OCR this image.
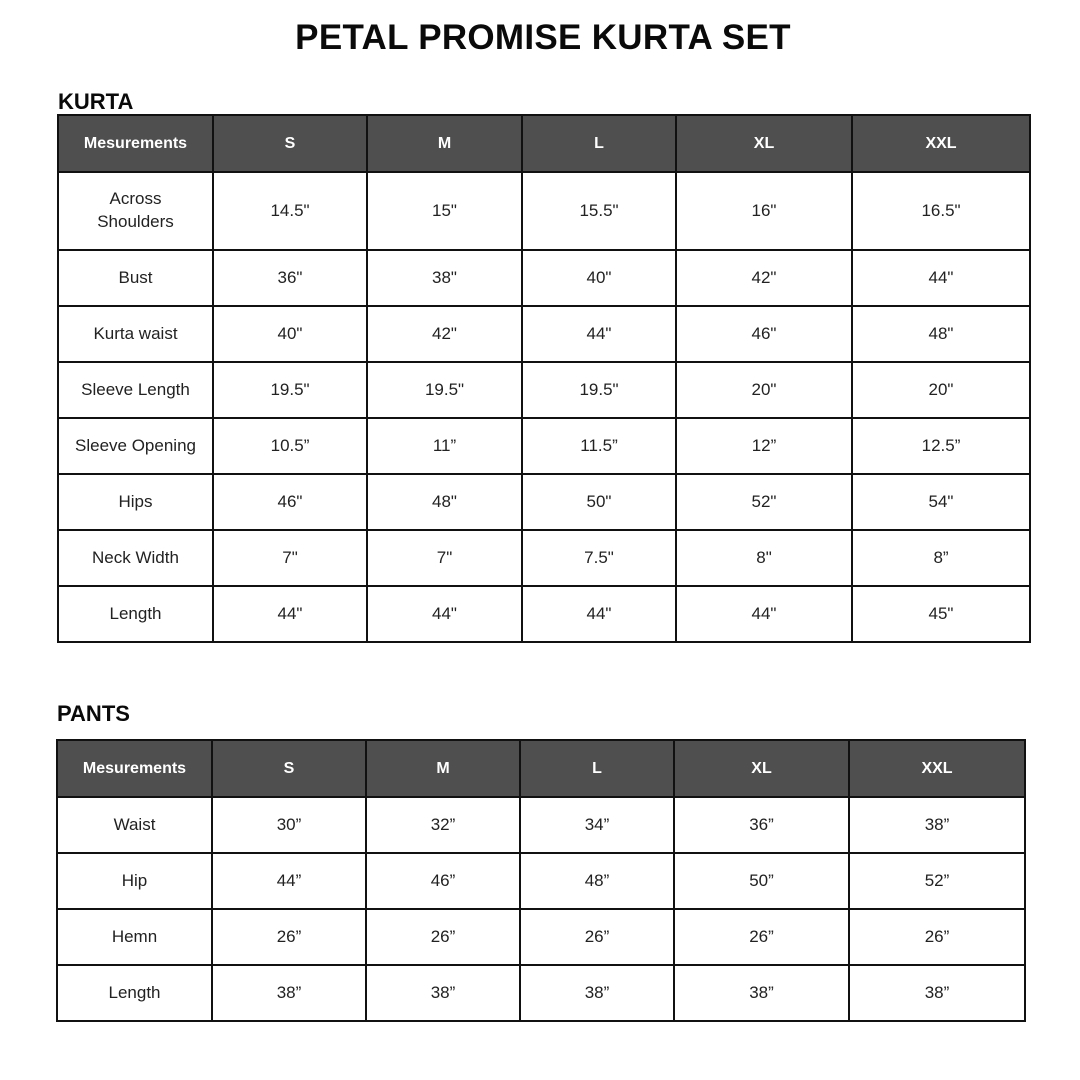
PETAL PROMISE KURTA SET
KURTA
Mesurements	S	M	L	XL	XXL
Across Shoulders	14.5"	15"	15.5"	16"	16.5"
Bust	36"	38"	40"	42"	44"
Kurta waist	40"	42"	44"	46"	48"
Sleeve Length	19.5"	19.5"	19.5"	20"	20"
Sleeve Opening	10.5”	11”	11.5”	12”	12.5”
Hips	46"	48"	50"	52"	54"
Neck Width	7"	7"	7.5"	8"	8”
Length	44"	44"	44"	44"	45"
PANTS
Mesurements	S	M	L	XL	XXL
Waist	30”	32”	34”	36”	38”
Hip	44”	46”	48”	50”	52”
Hemn	26”	26”	26”	26”	26”
Length	38”	38”	38”	38”	38”
